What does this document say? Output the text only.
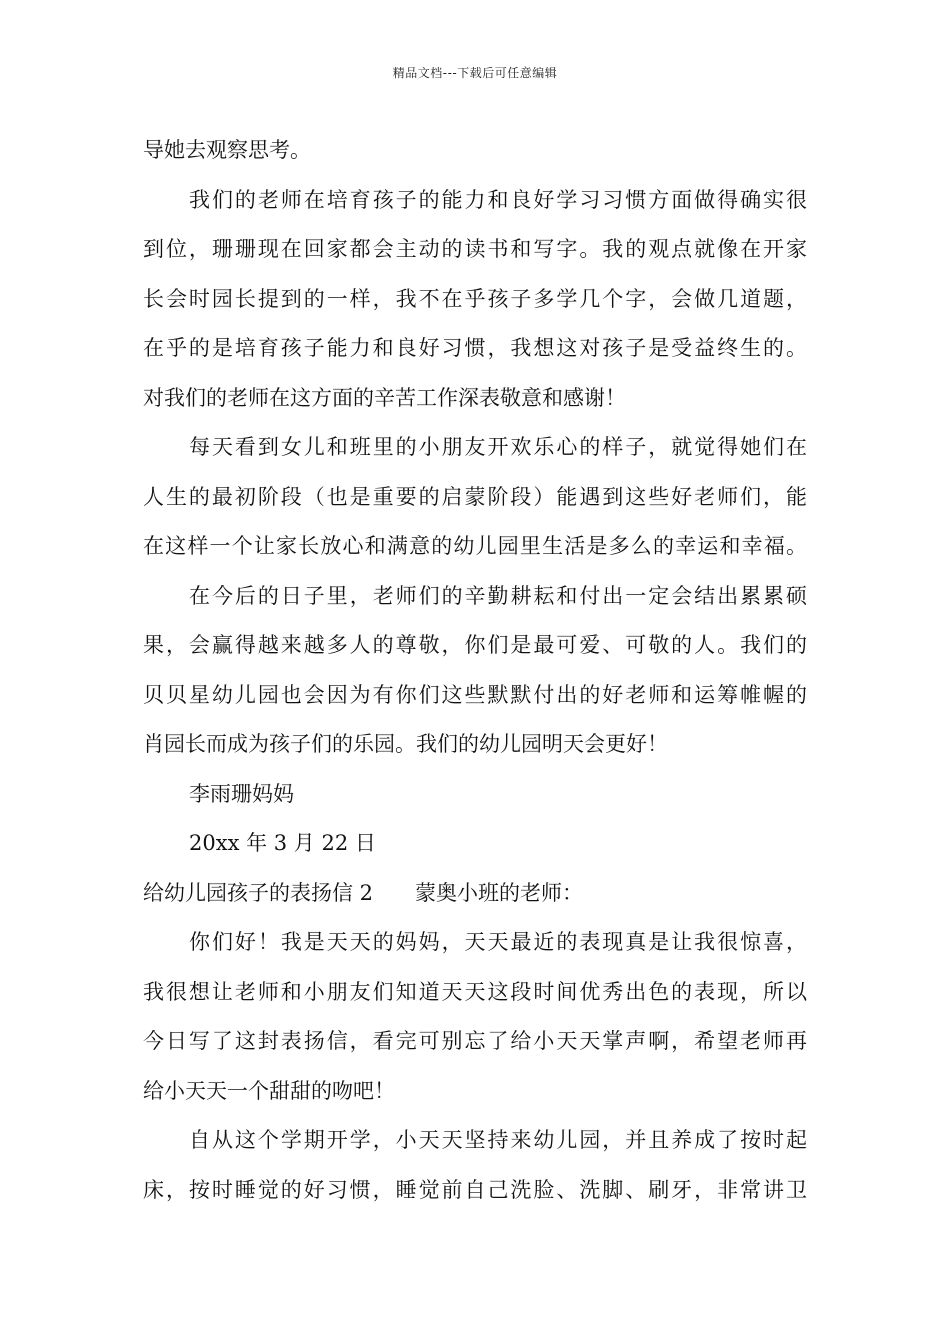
精品文档---下载后可任意编辑
导她去观察思考。
我们的老师在培育孩子的能力和良好学习习惯方面做得确实很
到位，珊珊现在回家都会主动的读书和写字。我的观点就像在开家
长会时园长提到的一样，我不在乎孩子多学几个字，会做几道题，
在乎的是培育孩子能力和良好习惯，我想这对孩子是受益终生的。
对我们的老师在这方面的辛苦工作深表敬意和感谢！
每天看到女儿和班里的小朋友开欢乐心的样子，就觉得她们在
人生的最初阶段（也是重要的启蒙阶段）能遇到这些好老师们，能
在这样一个让家长放心和满意的幼儿园里生活是多么的幸运和幸福。
在今后的日子里，老师们的辛勤耕耘和付出一定会结出累累硕
果，会赢得越来越多人的尊敬，你们是最可爱、可敬的人。我们的
贝贝星幼儿园也会因为有你们这些默默付出的好老师和运筹帷幄的
肖园长而成为孩子们的乐园。我们的幼儿园明天会更好！
李雨珊妈妈
20xx 年 3 月 22 日
给幼儿园孩子的表扬信 2 蒙奥小班的老师：
你们好！我是天天的妈妈，天天最近的表现真是让我很惊喜，
我很想让老师和小朋友们知道天天这段时间优秀出色的表现，所以
今日写了这封表扬信，看完可别忘了给小天天掌声啊，希望老师再
给小天天一个甜甜的吻吧！
自从这个学期开学，小天天坚持来幼儿园，并且养成了按时起
床，按时睡觉的好习惯，睡觉前自己洗脸、洗脚、刷牙，非常讲卫
